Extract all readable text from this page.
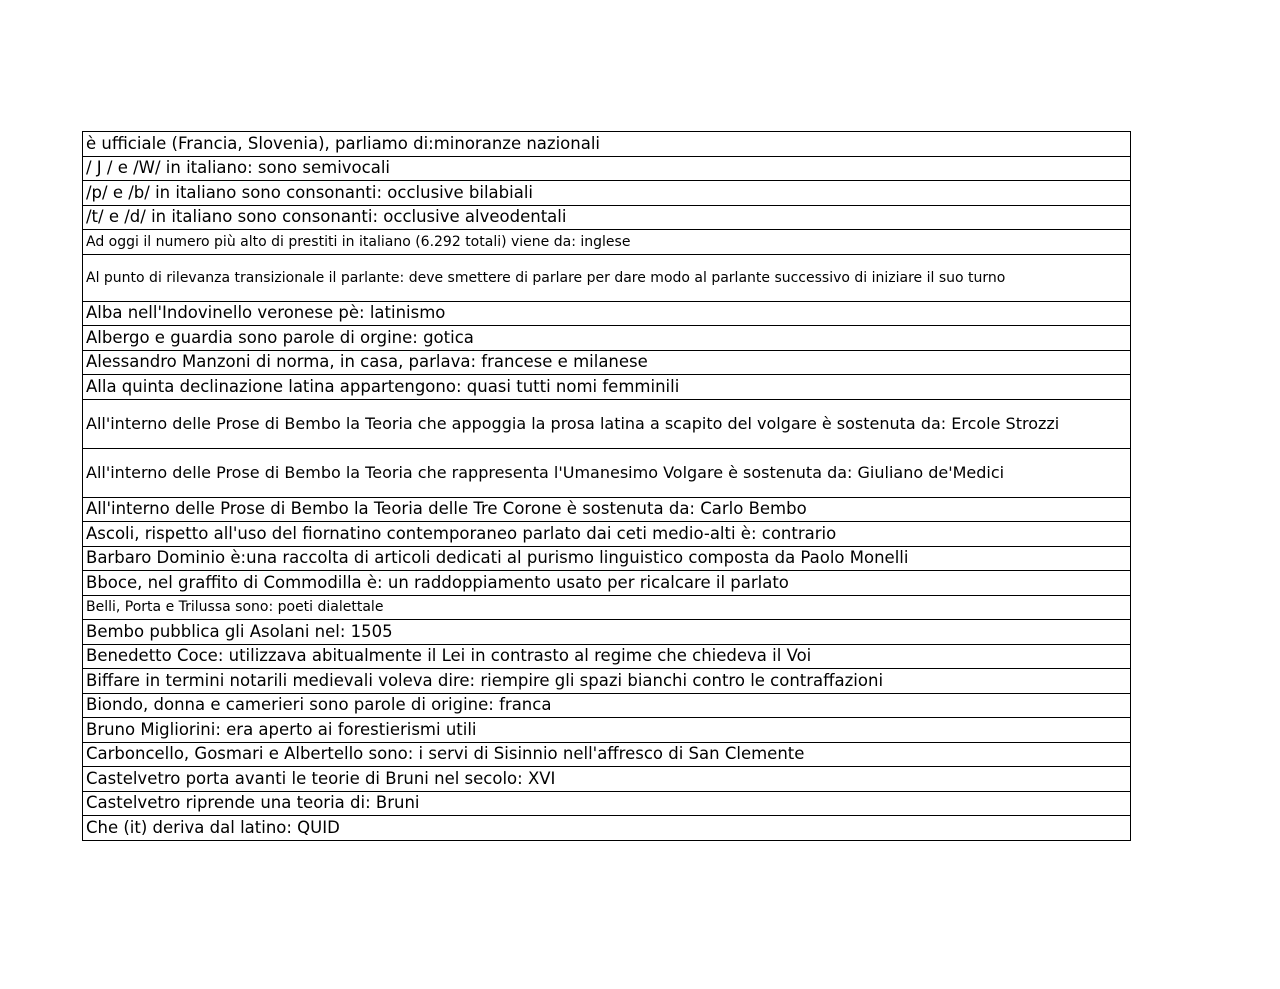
è ufficiale (Francia, Slovenia), parliamo di:minoranze nazionali
/ J / e /W/ in italiano: sono semivocali
/p/ e /b/ in italiano sono consonanti: occlusive bilabiali
/t/ e /d/ in italiano sono consonanti: occlusive alveodentali
Ad oggi il numero più alto di prestiti in italiano (6.292 totali) viene da: inglese
Al punto di rilevanza transizionale il parlante: deve smettere di parlare per dare modo al parlante successivo di iniziare il suo turno
Alba nell'Indovinello veronese pè: latinismo
Albergo e guardia sono parole di orgine: gotica
Alessandro Manzoni di norma, in casa, parlava: francese e milanese
Alla quinta declinazione latina appartengono: quasi tutti nomi femminili
All'interno delle Prose di Bembo la Teoria che appoggia la prosa latina a scapito del volgare è sostenuta da: Ercole Strozzi
All'interno delle Prose di Bembo la Teoria che rappresenta l'Umanesimo Volgare è sostenuta da: Giuliano de'Medici
All'interno delle Prose di Bembo la Teoria delle Tre Corone è sostenuta da: Carlo Bembo
Ascoli, rispetto all'uso del fiornatino contemporaneo parlato dai ceti medio-alti è: contrario
Barbaro Dominio è:una raccolta di articoli dedicati al purismo linguistico composta da Paolo Monelli
Bboce, nel graffito di Commodilla è: un raddoppiamento usato per ricalcare il parlato
Belli, Porta e Trilussa sono: poeti dialettale
Bembo pubblica gli Asolani nel: 1505
Benedetto Coce: utilizzava abitualmente il Lei in contrasto al regime che chiedeva il Voi
Biffare in termini notarili medievali voleva dire: riempire gli spazi bianchi contro le contraffazioni
Biondo, donna e camerieri sono parole di origine: franca
Bruno Migliorini: era aperto ai forestierismi utili
Carboncello, Gosmari e Albertello sono: i servi di Sisinnio nell'affresco di San Clemente
Castelvetro porta avanti le teorie di Bruni nel secolo: XVI
Castelvetro riprende una teoria di: Bruni
Che (it) deriva dal latino: QUID
